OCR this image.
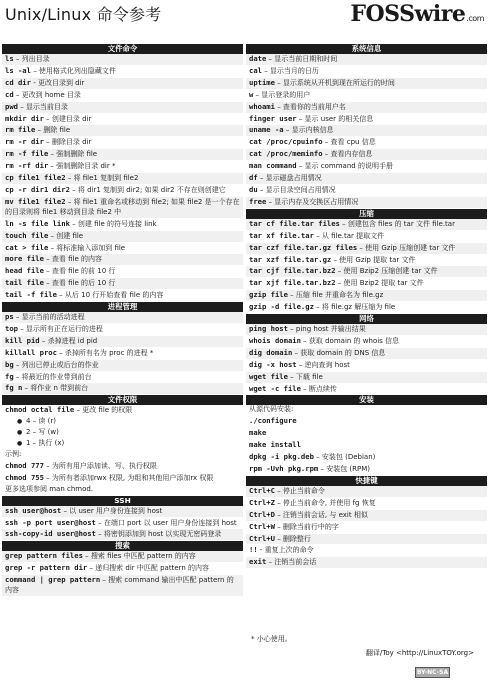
Unix/Linux 命令参考	FOSSwire.com
文件命令
ls – 列出目录
ls -al – 使用格式化列出隐藏文件
cd dir - 更改目录到 dir
cd – 更改到 home 目录
pwd – 显示当前目录
mkdir dir – 创建目录 dir
rm file – 删除 file
rm -r dir – 删除目录 dir
rm -f file – 强制删除 file
rm -rf dir – 强制删除目录 dir *
cp file1 file2 – 将 file1 复制到 file2
cp -r dir1 dir2 – 将 dir1 复制到 dir2; 如果 dir2 不存在则创建它
mv file1 file2 – 将 file1 重命名或移动到 file2; 如果 file2 是一个存在的目录则将 file1 移动到目录 file2 中
ln -s file link – 创建 file 的符号连接 link
touch file – 创建 file
cat > file – 将标准输入添加到 file
more file – 查看 file 的内容
head file – 查看 file 的前 10 行
tail file – 查看 file 的后 10 行
tail -f file – 从后 10 行开始查看 file 的内容
进程管理
ps – 显示当前的活动进程
top – 显示所有正在运行的进程
kill pid – 杀掉进程 id pid
killall proc – 杀掉所有名为 proc 的进程 *
bg – 列出已停止或后台的作业
fg – 将最近的作业带到前台
fg n – 将作业 n 带到前台
文件权限
chmod octal file – 更改 file 的权限
● 4 – 读 (r)
● 2 – 写 (w)
● 1 – 执行 (x)
示例:
chmod 777 – 为所有用户添加读、写、执行权限
chmod 755 – 为所有者添加rwx 权限, 为组和其他用户添加rx 权限
更多选项参阅 man chmod.
SSH
ssh user@host – 以 user 用户身份连接到 host
ssh -p port user@host – 在端口 port 以 user 用户身份连接到 host
ssh-copy-id user@host – 将密钥添加到 host 以实现无密码登录
搜索
grep pattern files – 搜索 files 中匹配 pattern 的内容
grep -r pattern dir – 递归搜索 dir 中匹配 pattern 的内容
command | grep pattern – 搜索 command 输出中匹配 pattern 的内容
系统信息
date – 显示当前日期和时间
cal – 显示当月的日历
uptime – 显示系统从开机到现在所运行的时间
w – 显示登录的用户
whoami – 查看你的当前用户名
finger user – 显示 user 的相关信息
uname -a – 显示内核信息
cat /proc/cpuinfo – 查看 cpu 信息
cat /proc/meminfo – 查看内存信息
man command – 显示 command 的说明手册
df – 显示磁盘占用情况
du – 显示目录空间占用情况
free – 显示内存及交换区占用情况
压缩
tar cf file.tar files – 创建包含 files 的 tar 文件 file.tar
tar xf file.tar – 从 file.tar 提取文件
tar czf file.tar.gz files – 使用 Gzip 压缩创建 tar 文件
tar xzf file.tar.gz – 使用 Gzip 提取 tar 文件
tar cjf file.tar.bz2 – 使用 Bzip2 压缩创建 tar 文件
tar xjf file.tar.bz2 – 使用 Bzip2 提取 tar 文件
gzip file – 压缩 file 并重命名为 file.gz
gzip -d file.gz – 将 file.gz 解压缩为 file
网络
ping host – ping host 并输出结果
whois domain – 获取 domain 的 whois 信息
dig domain – 获取 domain 的 DNS 信息
dig -x host – 逆向查询 host
wget file – 下载 file
wget -c file – 断点续传
安装
从源代码安装:
./configure
make
make install
dpkg -i pkg.deb – 安装包 (Debian)
rpm -Uvh pkg.rpm – 安装包 (RPM)
快捷键
Ctrl+C – 停止当前命令
Ctrl+Z – 停止当前命令, 并使用 fg 恢复
Ctrl+D – 注销当前会话, 与 exit 相似
Ctrl+W – 删除当前行中的字
Ctrl+U – 删除整行
!! - 重复上次的命令
exit – 注销当前会话
* 小心使用。
翻译/Toy <http://LinuxTOY.org>
BY-NC-SA
